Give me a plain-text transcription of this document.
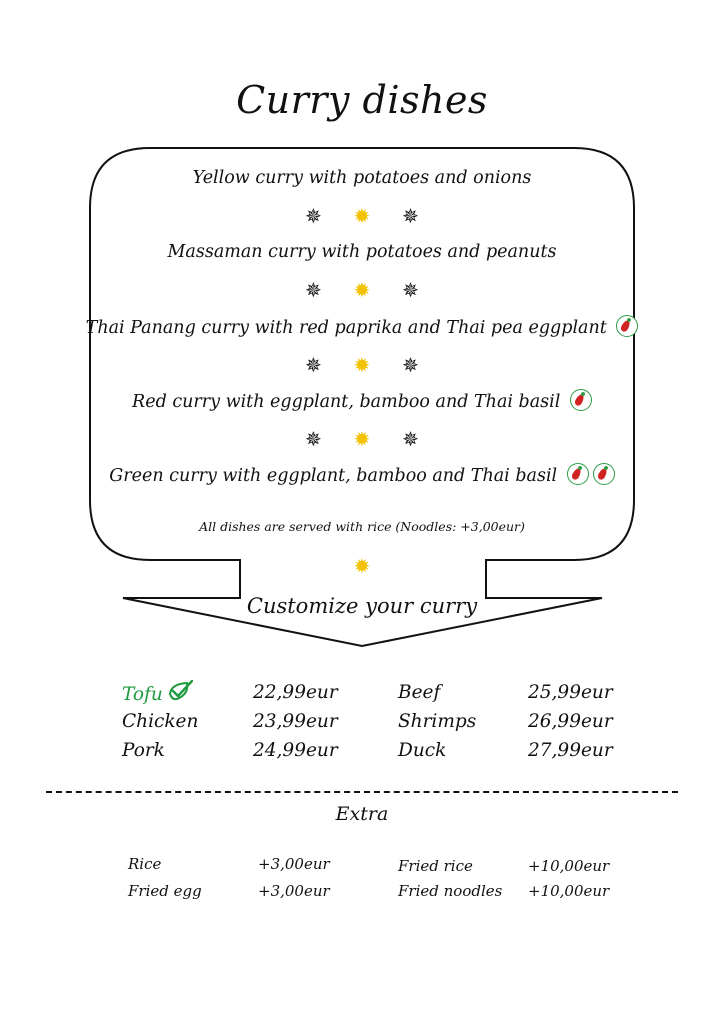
Curry dishes
Yellow curry with potatoes and onions
✵ ✹ ✵
Massaman curry with potatoes and peanuts
✵ ✹ ✵
Thai Panang curry with red paprika and Thai pea eggplant
✵ ✹ ✵
Red curry with eggplant, bamboo and Thai basil
✵ ✹ ✵
Green curry with eggplant, bamboo and Thai basil
All dishes are served with rice (Noodles: +3,00eur)
✹
Customize your curry
Tofu	22,99eur
Chicken	23,99eur
Pork	24,99eur
Beef	25,99eur
Shrimps	26,99eur
Duck	27,99eur
Extra
Rice	+3,00eur
Fried egg	+3,00eur
Fried rice	+10,00eur
Fried noodles +10,00eur
